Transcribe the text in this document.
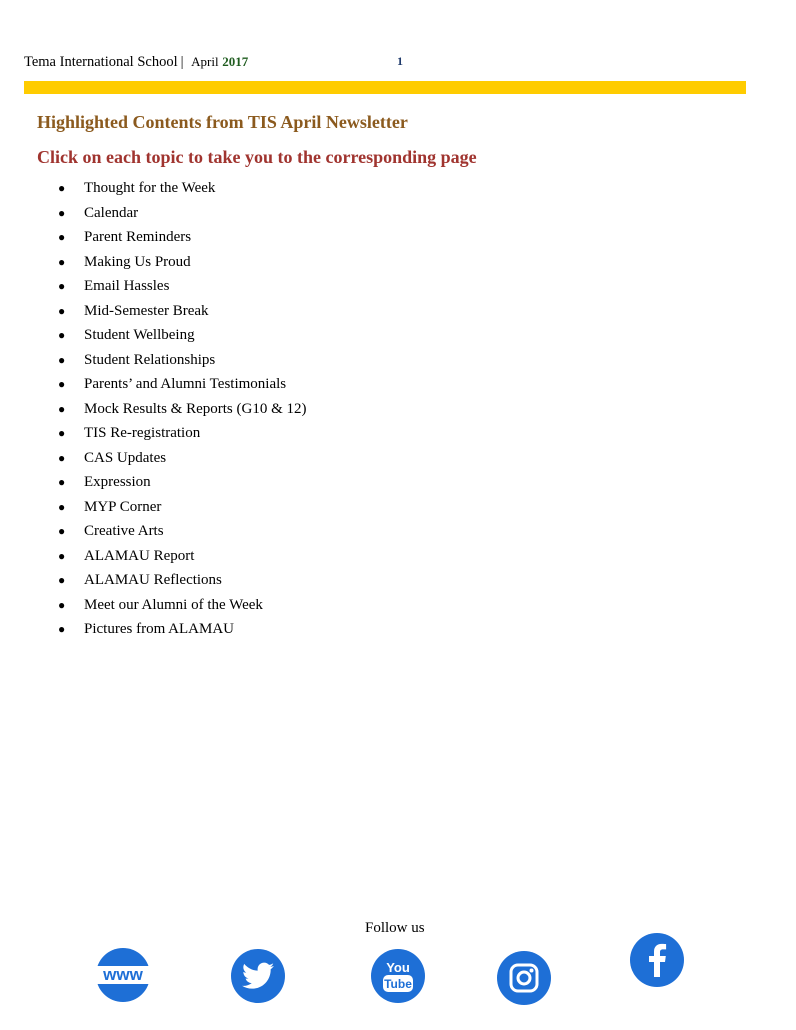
Tema International School | April 2017	1
Highlighted Contents from TIS April Newsletter
Click on each topic to take you to the corresponding page
●	Thought for the Week
●	Calendar
●	Parent Reminders
●	Making Us Proud
●	Email Hassles
●	Mid-Semester Break
●	Student Wellbeing
●	Student Relationships
●	Parents’ and Alumni Testimonials
●	Mock Results & Reports (G10 & 12)
●	TIS Re-registration
●	CAS Updates
●	Expression
●	MYP Corner
●	Creative Arts
●	ALAMAU Report
●	ALAMAU Reflections
●	Meet our Alumni of the Week
●	Pictures from ALAMAU
Follow us
www	You
Tube
